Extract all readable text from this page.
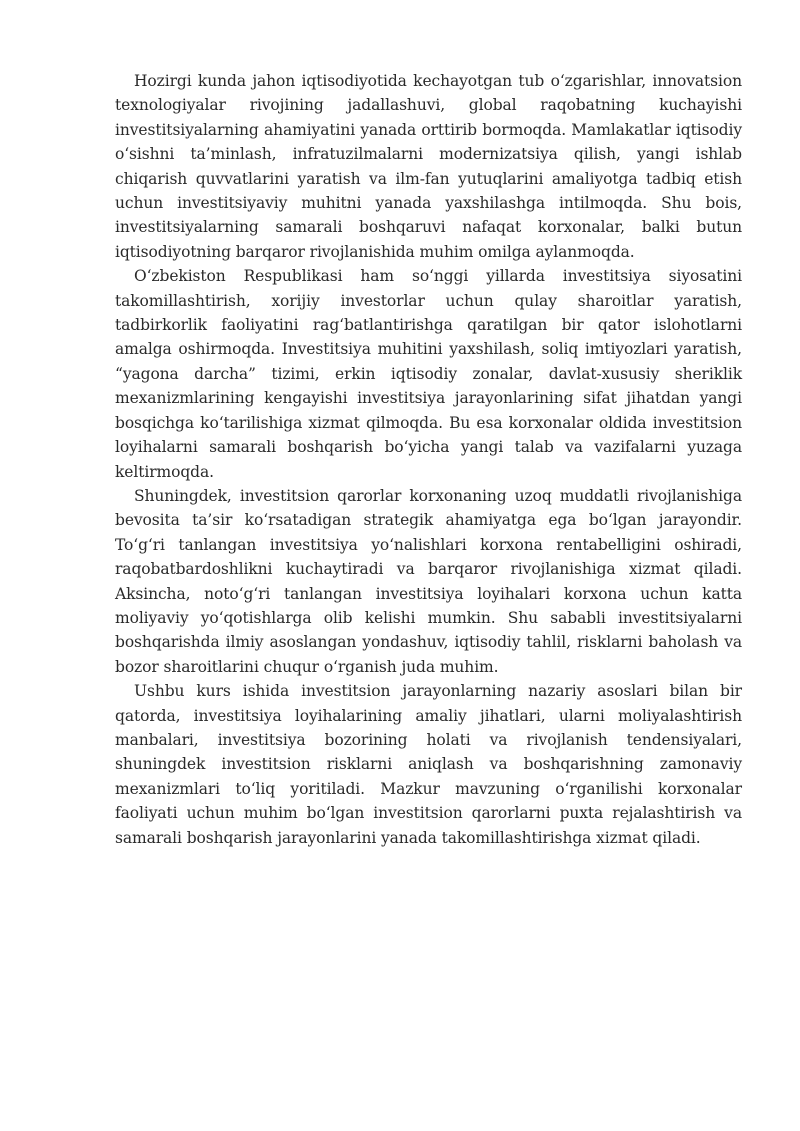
Hozirgi kunda jahon iqtisodiyotida kechayotgan tub o‘zgarishlar, innovatsion texnologiyalar rivojining jadallashuvi, global raqobatning kuchayishi investitsiyalarning ahamiyatini yanada orttirib bormoqda. Mamlakatlar iqtisodiy o‘sishni ta’minlash, infratuzilmalarni modernizatsiya qilish, yangi ishlab chiqarish quvvatlarini yaratish va ilm-fan yutuqlarini amaliyotga tadbiq etish uchun investitsiyaviy muhitni yanada yaxshilashga intilmoqda. Shu bois, investitsiyalarning samarali boshqaruvi nafaqat korxonalar, balki butun iqtisodiyotning barqaror rivojlanishida muhim omilga aylanmoqda.

O‘zbekiston Respublikasi ham so‘nggi yillarda investitsiya siyosatini takomillashtirish, xorijiy investorlar uchun qulay sharoitlar yaratish, tadbirkorlik faoliyatini rag‘batlantirishga qaratilgan bir qator islohotlarni amalga oshirmoqda. Investitsiya muhitini yaxshilash, soliq imtiyozlari yaratish, “yagona darcha” tizimi, erkin iqtisodiy zonalar, davlat-xususiy sheriklik mexanizmlarining kengayishi investitsiya jarayonlarining sifat jihatdan yangi bosqichga ko‘tarilishiga xizmat qilmoqda. Bu esa korxonalar oldida investitsion loyihalarni samarali boshqarish bo‘yicha yangi talab va vazifalarni yuzaga keltirmoqda.

Shuningdek, investitsion qarorlar korxonaning uzoq muddatli rivojlanishiga bevosita ta’sir ko‘rsatadigan strategik ahamiyatga ega bo‘lgan jarayondir. To‘g‘ri tanlangan investitsiya yo‘nalishlari korxona rentabelligini oshiradi, raqobatbardoshlikni kuchaytiradi va barqaror rivojlanishiga xizmat qiladi. Aksincha, noto‘g‘ri tanlangan investitsiya loyihalari korxona uchun katta moliyaviy yo‘qotishlarga olib kelishi mumkin. Shu sababli investitsiyalarni boshqarishda ilmiy asoslangan yondashuv, iqtisodiy tahlil, risklarni baholash va bozor sharoitlarini chuqur o‘rganish juda muhim.

Ushbu kurs ishida investitsion jarayonlarning nazariy asoslari bilan bir qatorda, investitsiya loyihalarining amaliy jihatlari, ularni moliyalashtirish manbalari, investitsiya bozorining holati va rivojlanish tendensiyalari, shuningdek investitsion risklarni aniqlash va boshqarishning zamonaviy mexanizmlari to‘liq yoritiladi. Mazkur mavzuning o‘rganilishi korxonalar faoliyati uchun muhim bo‘lgan investitsion qarorlarni puxta rejalashtirish va samarali boshqarish jarayonlarini yanada takomillashtirishga xizmat qiladi.
